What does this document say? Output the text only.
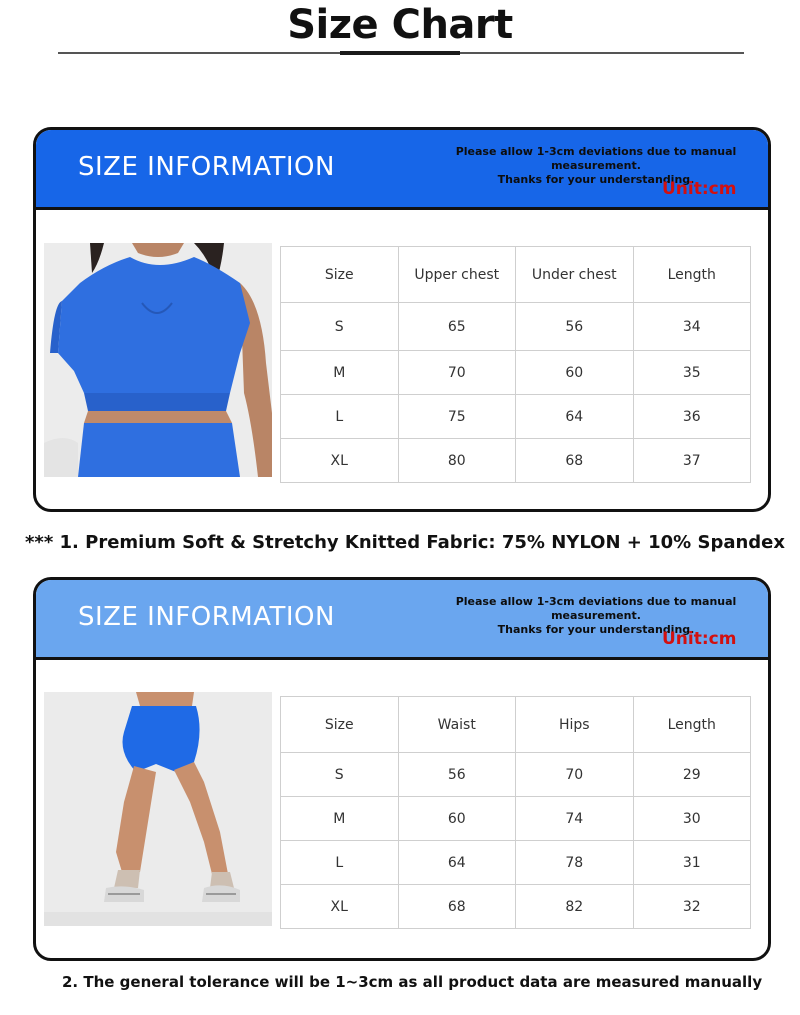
Size Chart
SIZE INFORMATION
Please allow 1-3cm deviations due to manual measurement.
Thanks for your understanding.
Unit:cm
Size	Upper chest	Under chest	Length
S	65	56	34
M	70	60	35
L	75	64	36
XL	80	68	37
*** 1. Premium Soft & Stretchy Knitted Fabric: 75% NYLON + 10% Spandex
SIZE INFORMATION
Please allow 1-3cm deviations due to manual measurement.
Thanks for your understanding.
Unit:cm
Size	Waist	Hips	Length
S	56	70	29
M	60	74	30
L	64	78	31
XL	68	82	32
2. The general tolerance will be 1~3cm as all product data are measured manually
